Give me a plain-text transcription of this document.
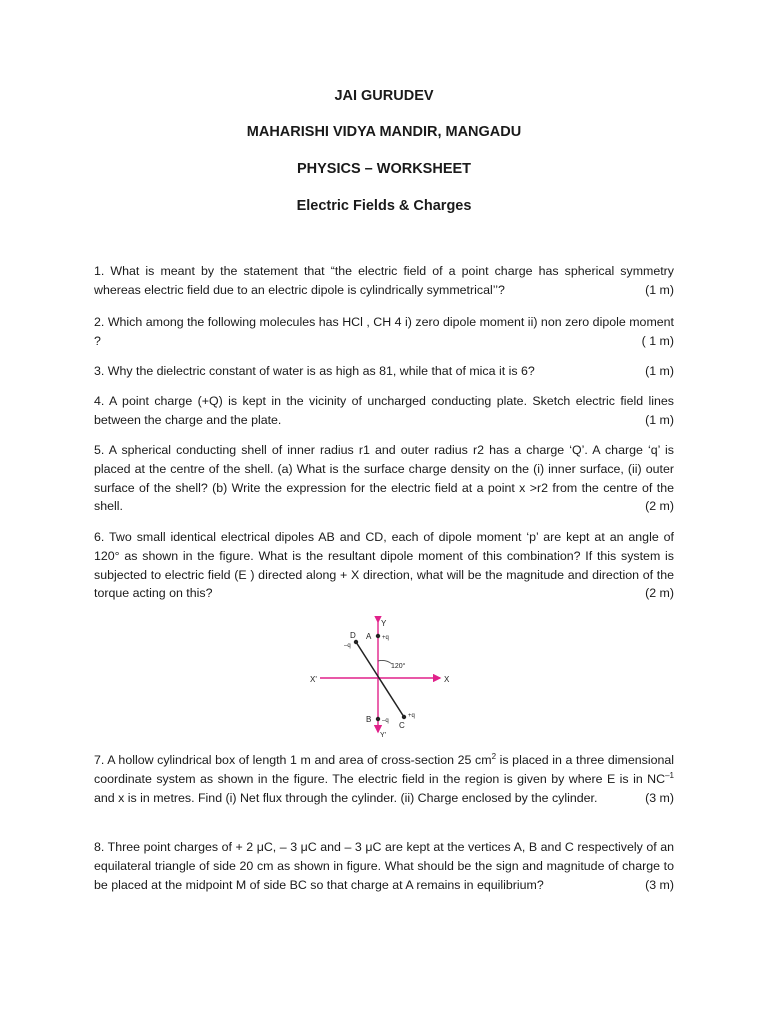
JAI GURUDEV
MAHARISHI VIDYA MANDIR, MANGADU
PHYSICS – WORKSHEET
Electric Fields & Charges
1. What is meant by the statement that “the electric field of a point charge has spherical symmetry whereas electric field due to an electric dipole is cylindrically symmetrical’’?	(1 m)
2. Which among the following molecules has HCl , CH 4 i) zero dipole moment ii) non zero dipole moment ?	( 1 m)
3. Why the dielectric constant of water is as high as 81, while that of mica it is 6?	(1 m)
4. A point charge (+Q) is kept in the vicinity of uncharged conducting plate. Sketch electric field lines between the charge and the plate.	(1 m)
5. A spherical conducting shell of inner radius r1 and outer radius r2 has a charge ‘Q’. A charge ‘q’ is placed at the centre of the shell. (a) What is the surface charge density on the (i) inner surface, (ii) outer surface of the shell? (b) Write the expression for the electric field at a point x >r2 from the centre of the shell.	(2 m)
6. Two small identical electrical dipoles AB and CD, each of dipole moment ‘p’ are kept at an angle of 120° as shown in the figure. What is the resultant dipole moment of this combination? If this system is subjected to electric field (E ) directed along + X direction, what will be the magnitude and direction of the torque acting on this?	(2 m)
Y
Y'
X
X'
A +q
B –q C
+q
D
–q
120°
7. A hollow cylindrical box of length 1 m and area of cross-section 25 $cm^2$ is placed in a three dimensional coordinate system as shown in the figure. The electric field in the region is given by where E is in $NC^{-1}$ and x is in metres. Find (i) Net flux through the cylinder. (ii) Charge enclosed by the cylinder.	(3 m)
8. Three point charges of + 2 μC, – 3 μC and – 3 μC are kept at the vertices A, B and C respectively of an equilateral triangle of side 20 cm as shown in figure. What should be the sign and magnitude of charge to be placed at the midpoint M of side BC so that charge at A remains in equilibrium?	(3 m)
